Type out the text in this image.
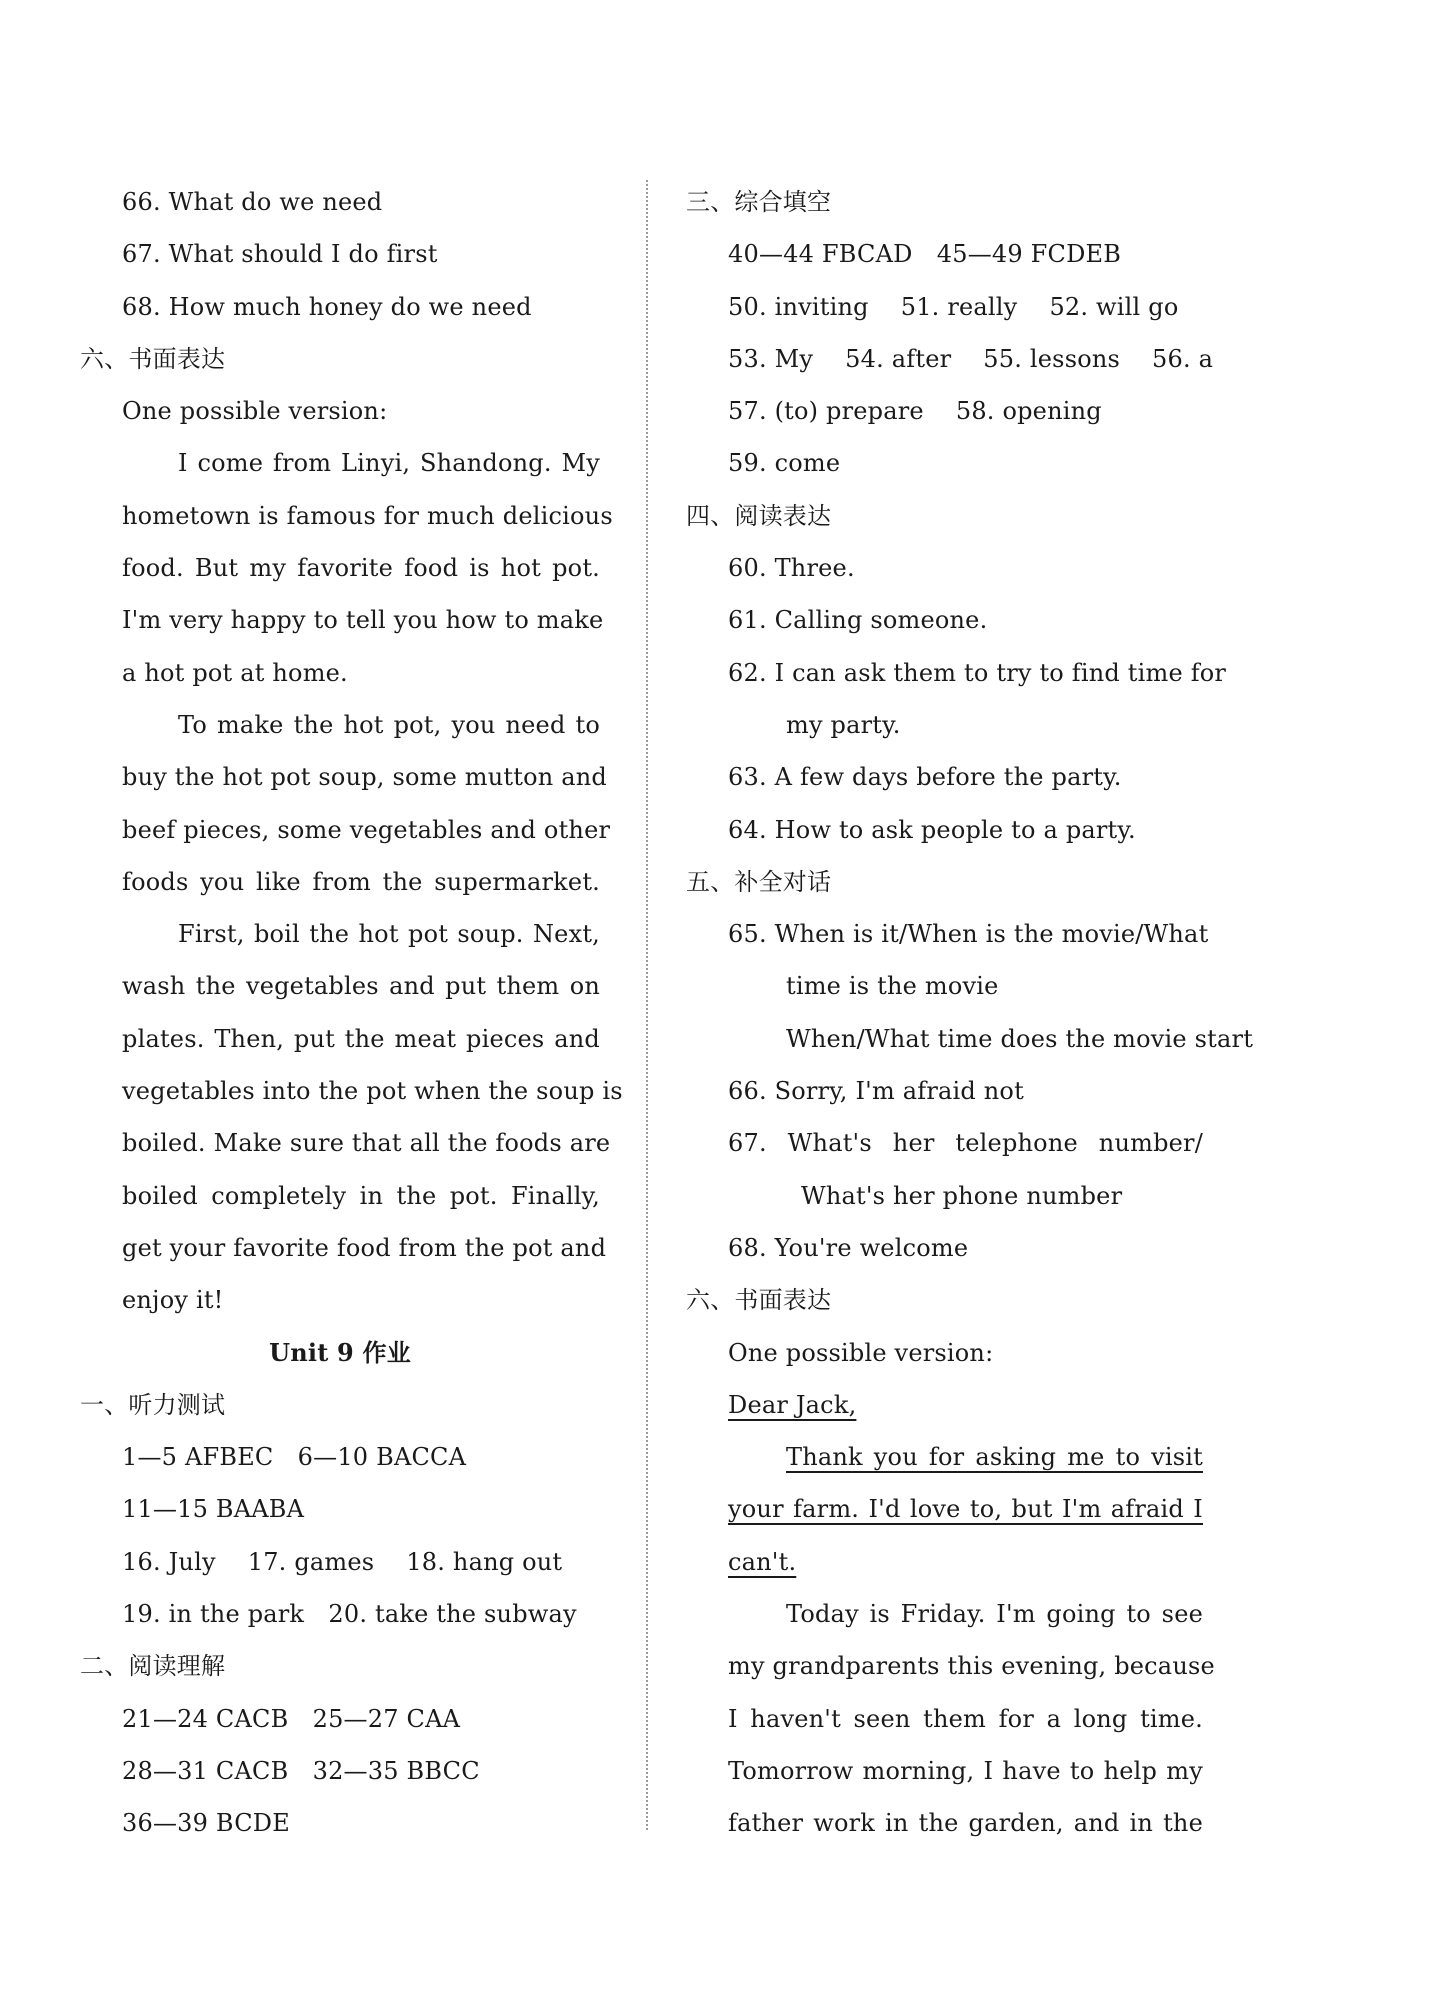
66. What do we need
67. What should I do first
68. How much honey do we need
六、书面表达
One possible version:
I come from Linyi, Shandong. My
hometown is famous for much delicious
food. But my favorite food is hot pot.
I'm very happy to tell you how to make
a hot pot at home.
To make the hot pot, you need to
buy the hot pot soup, some mutton and
beef pieces, some vegetables and other
foods you like from the supermarket.
First, boil the hot pot soup. Next,
wash the vegetables and put them on
plates. Then, put the meat pieces and
vegetables into the pot when the soup is
boiled. Make sure that all the foods are
boiled completely in the pot. Finally,
get your favorite food from the pot and
enjoy it!
Unit 9 作业
一、听力测试
1—5 AFBEC　6—10 BACCA
11—15 BAABA
16. July　 17. games　 18. hang out
19. in the park　20. take the subway
二、阅读理解
21—24 CACB　25—27 CAA
28—31 CACB　32—35 BBCC
36—39 BCDE
三、综合填空
40—44 FBCAD　45—49 FCDEB
50. inviting　 51. really　 52. will go
53. My　 54. after　 55. lessons　 56. a
57. (to) prepare　 58. opening
59. come
四、阅读表达
60. Three.
61. Calling someone.
62. I can ask them to try to find time for
my party.
63. A few days before the party.
64. How to ask people to a party.
五、补全对话
65. When is it/When is the movie/What
time is the movie
When/What time does the movie start
66. Sorry, I'm afraid not
67. What's her telephone number/
What's her phone number
68. You're welcome
六、书面表达
One possible version:
Dear Jack,
Thank you for asking me to visit
your farm. I'd love to, but I'm afraid I
can't.
Today is Friday. I'm going to see
my grandparents this evening, because
I haven't seen them for a long time.
Tomorrow morning, I have to help my
father work in the garden, and in the
